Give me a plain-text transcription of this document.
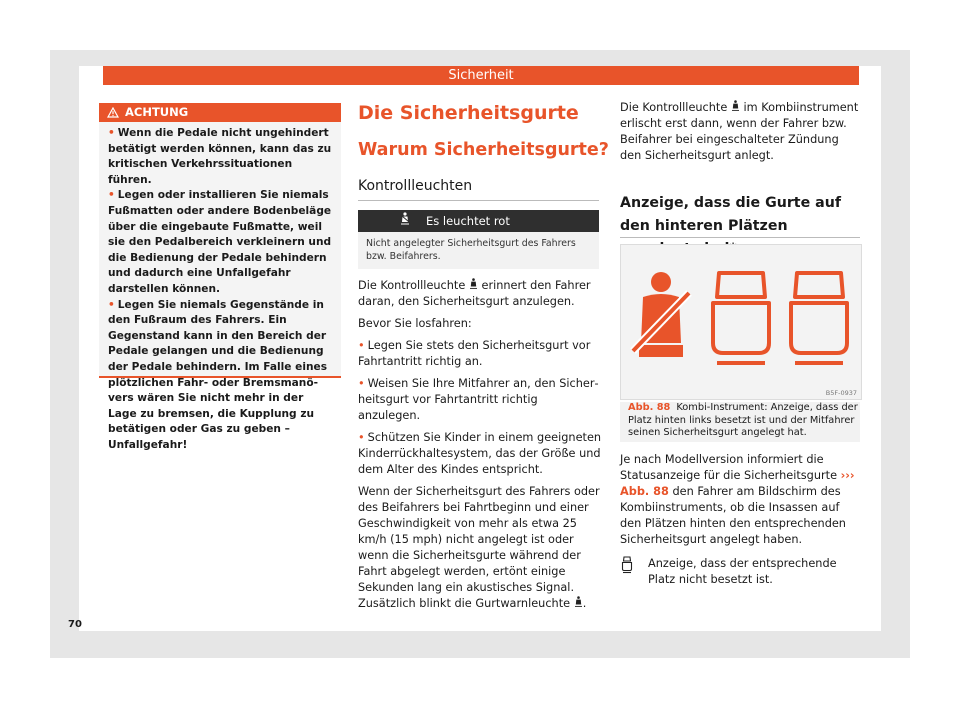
Sicherheit
ACHTUNG

• Wenn die Pedale nicht ungehindert betätigt werden können, kann das zu kritischen Verkehrssituationen führen.

• Legen oder installieren Sie niemals Fußmatten oder andere Bodenbeläge über die eingebaute Fußmatte, weil sie den Pedalbereich verkleinern und die Bedienung der Pedale behindern und dadurch eine Unfallgefahr darstellen können.

• Legen Sie niemals Gegenstände in den Fußraum des Fahrers. Ein Gegenstand kann in den Bereich der Pedale gelangen und die Bedienung der Pedale behindern. Im Falle eines plötzlichen Fahr- oder Bremsmanövers wären Sie nicht mehr in der Lage zu bremsen, die Kupplung zu betätigen oder Gas zu geben – Unfallgefahr!

Die Sicherheitsgurte
Warum Sicherheitsgurte?
Kontrollleuchten
Es leuchtet rot
Nicht angelegter Sicherheitsgurt des Fahrers bzw. Beifahrers.

Die Kontrollleuchte erinnert den Fahrer daran, den Sicherheitsgurt anzulegen.

Bevor Sie losfahren:

• Legen Sie stets den Sicherheitsgurt vor Fahrtantritt richtig an.

• Weisen Sie Ihre Mitfahrer an, den Sicherheitsgurt vor Fahrtantritt richtig anzulegen.

• Schützen Sie Kinder in einem geeigneten Kinderrückhaltesystem, das der Größe und dem Alter des Kindes entspricht.

Wenn der Sicherheitsgurt des Fahrers oder des Beifahrers bei Fahrtbeginn und einer Geschwindigkeit von mehr als etwa 25 km/h (15 mph) nicht angelegt ist oder wenn die Sicherheitsgurte während der Fahrt abgelegt werden, ertönt einige Sekunden lang ein akustisches Signal. Zusätzlich blinkt die Gurtwarnleuchte .

Die Kontrollleuchte im Kombiinstrument erlischt erst dann, wenn der Fahrer bzw. Beifahrer bei eingeschalteter Zündung den Sicherheitsgurt anlegt.

Anzeige, dass die Gurte auf den hinteren Plätzen
B5F-0937
Abb. 88 Kombi-Instrument: Anzeige, dass der Platz hinten links besetzt ist und der Mitfahrer seinen Sicherheitsgurt angelegt hat.

Je nach Modellversion informiert die Statusanzeige für die Sicherheitsgurte ››› Abb. 88 den Fahrer am Bildschirm des Kombiinstruments, ob die Insassen auf den Plätzen hinten den entsprechenden Sicherheitsgurt angelegt haben.

Anzeige, dass der entsprechende Platz nicht besetzt ist.
70
